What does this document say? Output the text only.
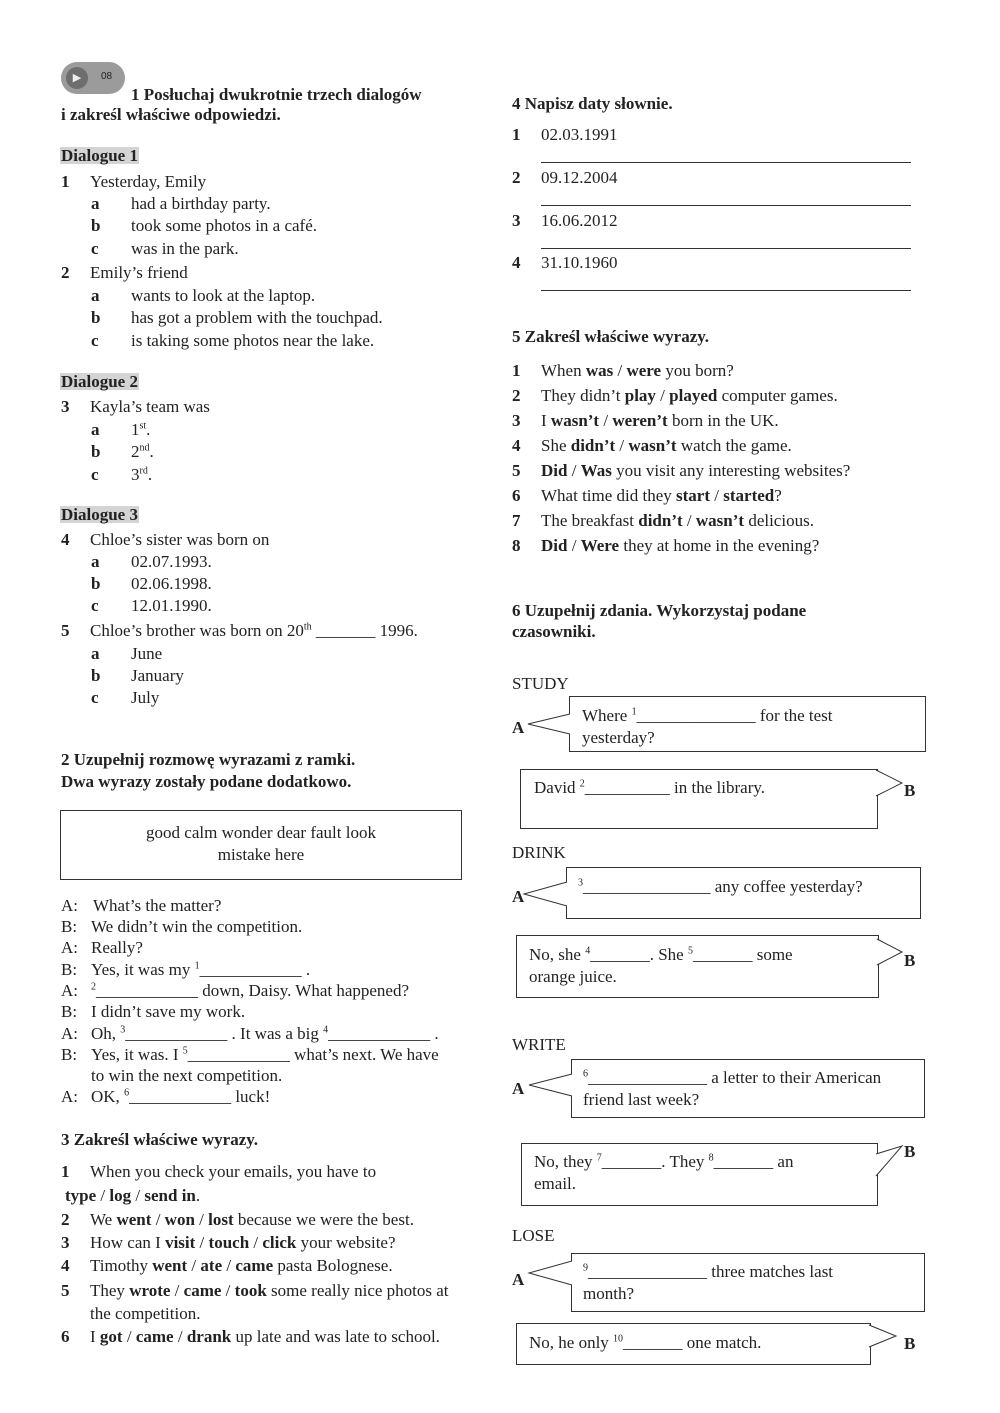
▶	08
1 Posłuchaj dwukrotnie trzech dialogów
i zakreśl właściwe odpowiedzi.
Dialogue 1
1 Yesterday, Emily
a had a birthday party.
b took some photos in a café.
c was in the park.
2 Emily’s friend
a wants to look at the laptop.
b has got a problem with the touchpad.
c is taking some photos near the lake.
Dialogue 2
3 Kayla’s team was
a 1st.
b 2nd.
c 3rd.
Dialogue 3
4 Chloe’s sister was born on
a 02.07.1993.
b 02.06.1998.
c 12.01.1990.
5 Chloe’s brother was born on 20th _______ 1996.
a June
b January
c July
2 Uzupełnij rozmowę wyrazami z ramki.
Dwa wyrazy zostały podane dodatkowo.
good calm wonder dear fault look
mistake here
A: What’s the matter?
B: We didn’t win the competition.
A: Really?
B: Yes, it was my $^1$____________ .
A: $^2$____________ down, Daisy. What happened?
B: I didn’t save my work.
A: Oh, $^3$____________ . It was a big $^4$____________ .
B: Yes, it was. I $^5$____________ what’s next. We have
to win the next competition.
A: OK, $^6$____________ luck!
3 Zakreśl właściwe wyrazy.
1 When you check your emails, you have to
type / log / send in.
2 We went / won / lost because we were the best.
3 How can I visit / touch / click your website?
4 Timothy went / ate / came pasta Bolognese.
5 They wrote / came / took some really nice photos at
the competition.
6 I got / came / drank up late and was late to school.
4 Napisz daty słownie.
1 02.03.1991
2 09.12.2004
3 16.06.2012
4 31.10.1960
5 Zakreśl właściwe wyrazy.
1 When was / were you born?
2 They didn’t play / played computer games.
3 I wasn’t / weren’t born in the UK.
4 She didn’t / wasn’t watch the game.
5 Did / Was you visit any interesting websites?
6 What time did they start / started?
7 The breakfast didn’t / wasn’t delicious.
8 Did / Were they at home in the evening?
6 Uzupełnij zdania. Wykorzystaj podane
czasowniki.
STUDY
A
Where $^1$______________ for the test
yesterday?
B
David $^2$__________ in the library.
DRINK
A
$^3$_______________ any coffee yesterday?
B
No, she $^4$_______. She $^5$_______ some
orange juice.
WRITE
A
$^6$______________ a letter to their American
friend last week?
B
No, they $^7$_______. They $^8$_______ an
email.
LOSE
A
$^9$______________ three matches last
month?
B
No, he only $^{10}$_______ one match.
